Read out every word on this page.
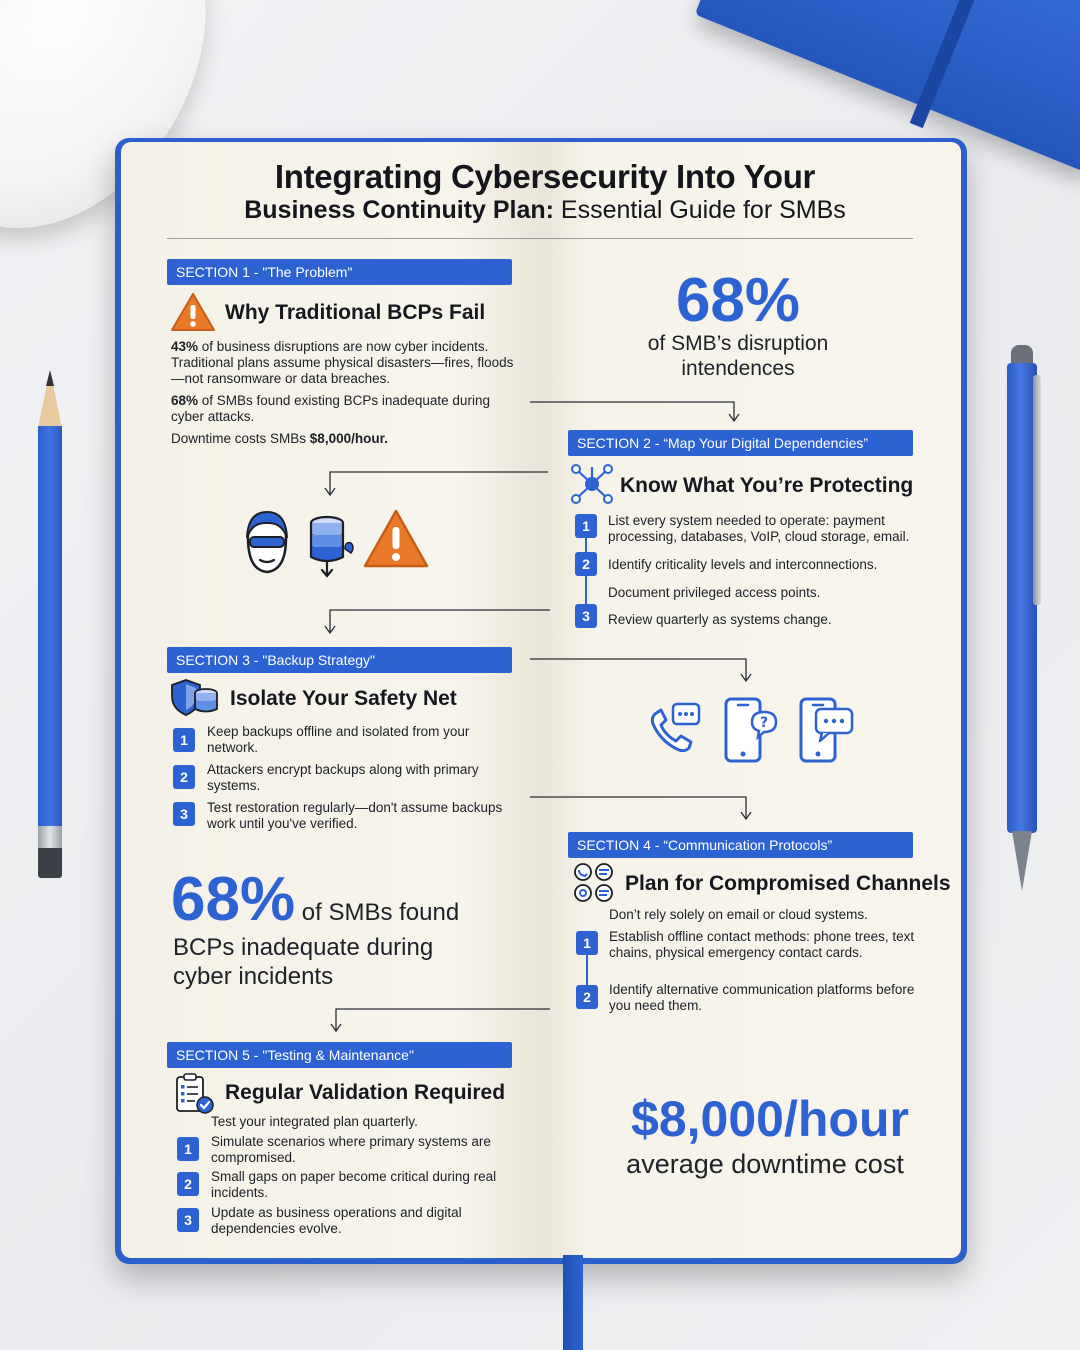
Integrating Cybersecurity Into Your
Business Continuity Plan: Essential Guide for SMBs
SECTION 1 - "The Problem"
Why Traditional BCPs Fail
43% of business disruptions are now cyber incidents. Traditional plans assume physical disasters—fires, floods—not ransomware or data breaches.
68% of SMBs found existing BCPs inadequate during cyber attacks.
Downtime costs SMBs $8,000/hour.
68%
of SMB’s disruption
intendences
SECTION 2 - “Map Your Digital Dependencies”
Know What You’re Protecting
1
2
3
List every system needed to operate: payment processing, databases, VoIP, cloud storage, email.
Identify criticality levels and interconnections.
Document privileged access points.
Review quarterly as systems change.
SECTION 3 - "Backup Strategy"
Isolate Your Safety Net
1
2
3
Keep backups offline and isolated from your network.
Attackers encrypt backups along with primary systems.
Test restoration regularly—don't assume backups work until you've verified.
?
SECTION 4 - “Communication Protocols”
Plan for Compromised Channels
Don’t rely solely on email or cloud systems.
1
2
Establish offline contact methods: phone trees, text chains, physical emergency contact cards.
Identify alternative communication platforms before you need them.
68% of SMBs found
BCPs inadequate during
cyber incidents
SECTION 5 - "Testing & Maintenance"
Regular Validation Required
Test your integrated plan quarterly.
1
2
3
Simulate scenarios where primary systems are compromised.
Small gaps on paper become critical during real incidents.
Update as business operations and digital dependencies evolve.
$8,000/hour
average downtime cost
